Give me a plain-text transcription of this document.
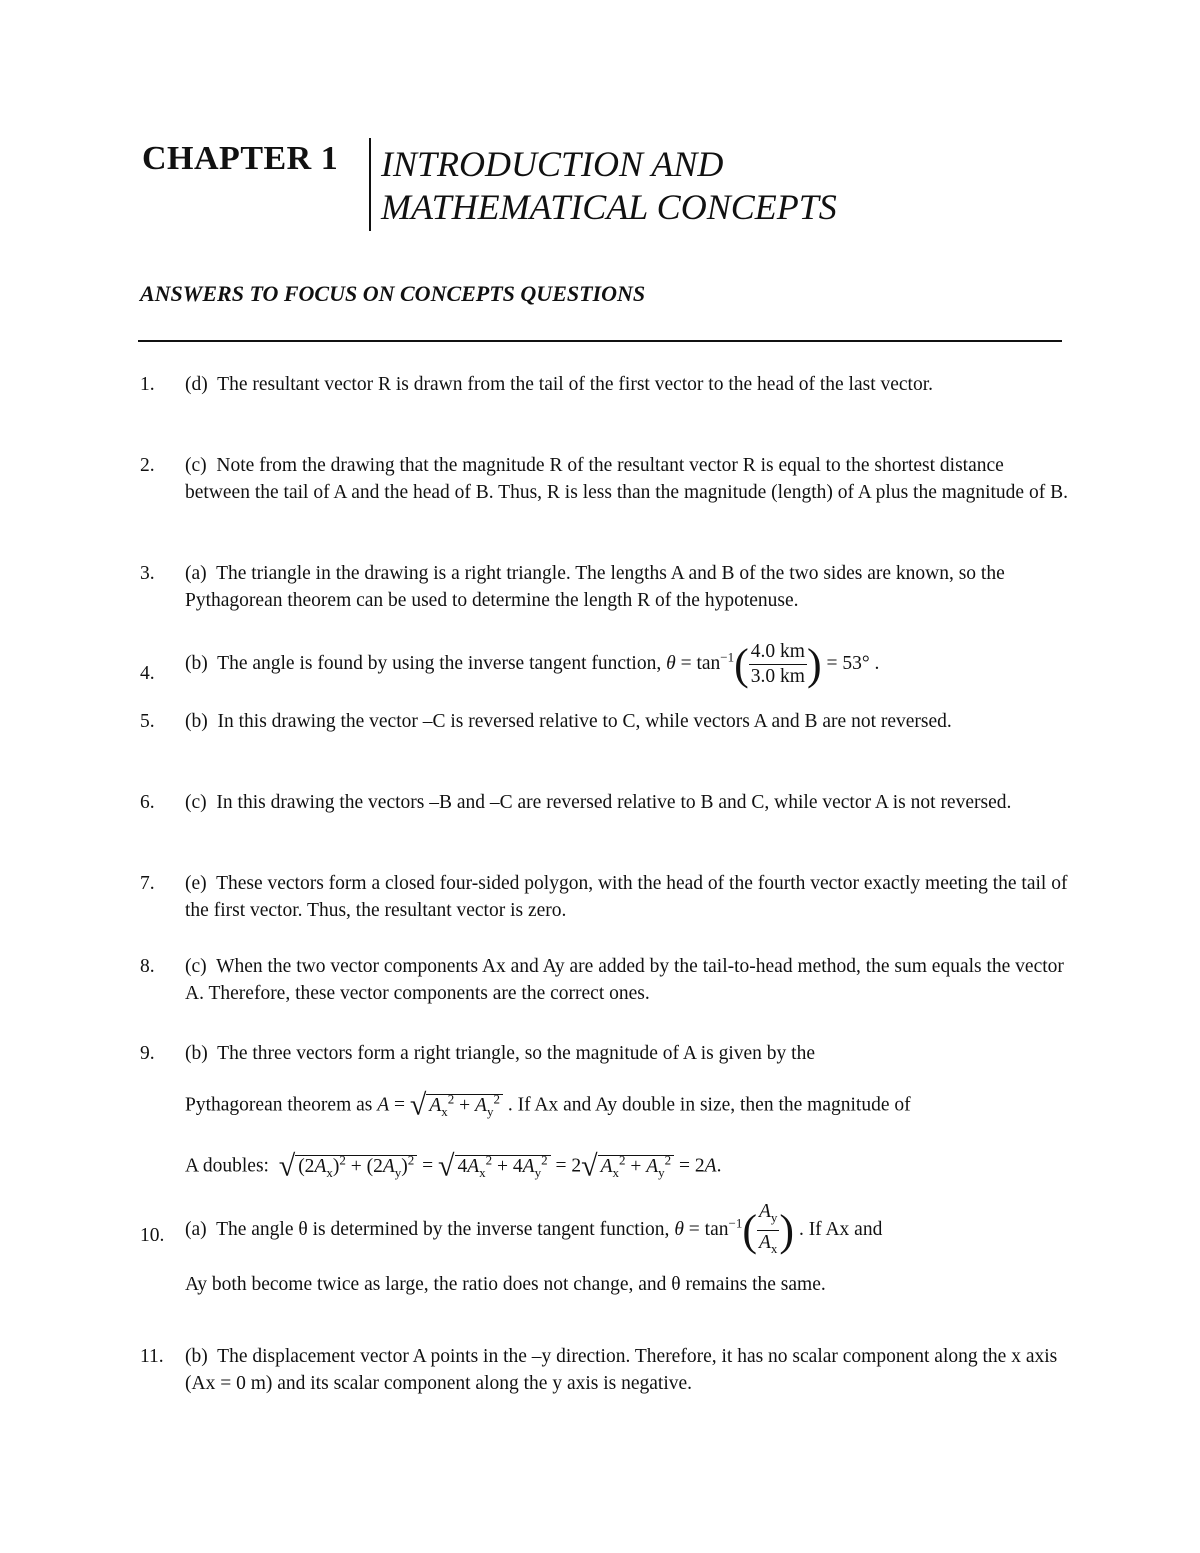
CHAPTER 1 INTRODUCTION AND
MATHEMATICAL CONCEPTS
ANSWERS TO FOCUS ON CONCEPTS QUESTIONS
1.	(d) The resultant vector R is drawn from the tail of the first vector to the head of the last vector.
2.	(c) Note from the drawing that the magnitude R of the resultant vector R is equal to the shortest distance between the tail of A and the head of B. Thus, R is less than the magnitude (length) of A plus the magnitude of B.
3.	(a) The triangle in the drawing is a right triangle. The lengths A and B of the two sides are known, so the Pythagorean theorem can be used to determine the length R of the hypotenuse.
4.	(b) The angle is found by using the inverse tangent function, $\theta = \tan^{-1}( \frac{4.0 km}{3.0 km}$ ) = 53° .
5.	(b) In this drawing the vector –C is reversed relative to C, while vectors A and B are not reversed.
6.	(c) In this drawing the vectors –B and –C are reversed relative to B and C, while vector A is not reversed.
7.	(e) These vectors form a closed four-sided polygon, with the head of the fourth vector exactly meeting the tail of the first vector. Thus, the resultant vector is zero.
8.	(c) When the two vector components Ax and Ay are added by the tail-to-head method, the sum equals the vector A. Therefore, these vector components are the correct ones.
9.	(b) The three vectors form a right triangle, so the magnitude of A is given by the
Pythagorean theorem as A = √ $A_x^2 + A_y^2$ . If Ax and Ay double in size, then the magnitude of
A doubles: √ $(2A_x)^2 + (2A_y)^2$ = √ $4A_x^2 + 4A_y^2 = 2√$ $A_x^2 + A_y^2 = 2A$.
10.	(a) The angle θ is determined by the inverse tangent function, $\theta = \tan^{-1}( \frac{A_y}{A_x}$ ) . If Ax and
Ay both become twice as large, the ratio does not change, and θ remains the same.
11.	(b) The displacement vector A points in the –y direction. Therefore, it has no scalar component along the x axis (Ax = 0 m) and its scalar component along the y axis is negative.
